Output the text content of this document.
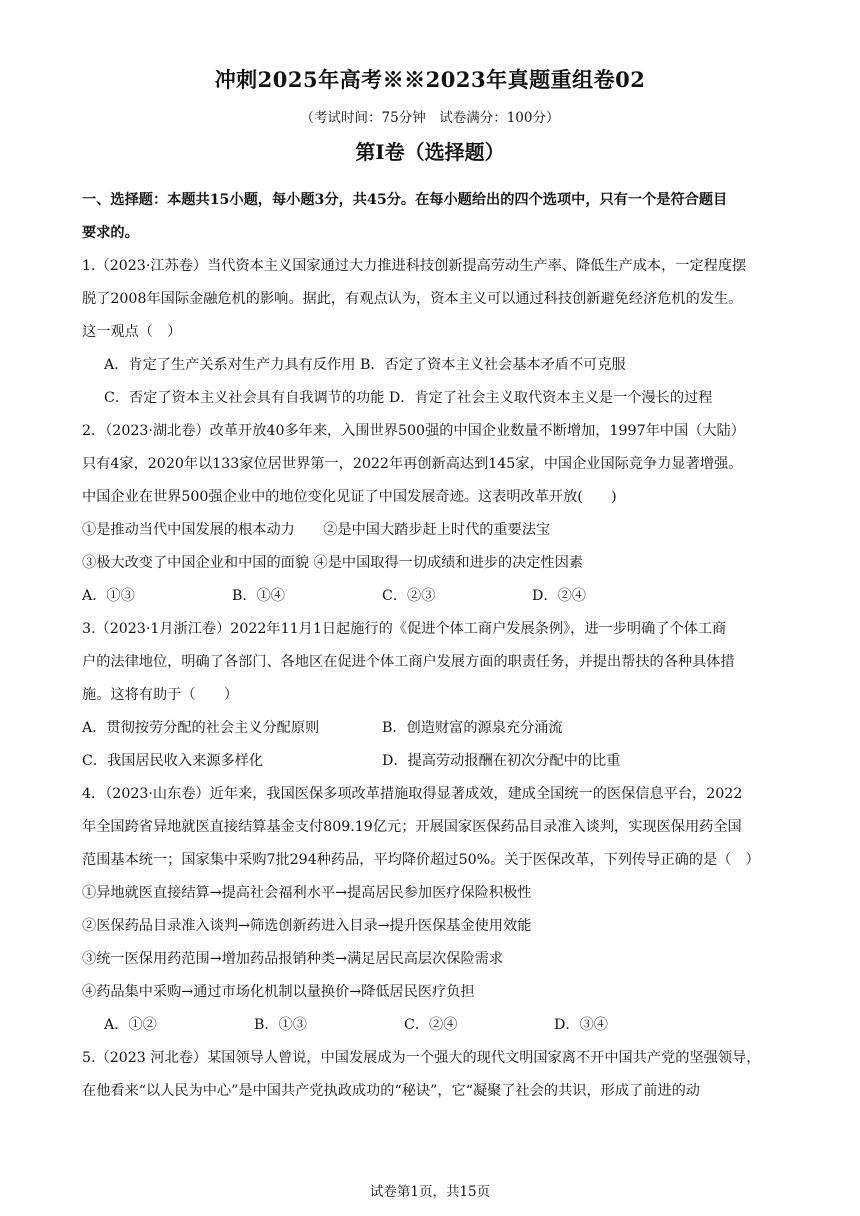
冲刺2025年高考※※2023年真题重组卷02
（考试时间：75分钟　试卷满分：100分）
第I卷（选择题）
一、选择题：本题共15小题，每小题3分，共45分。在每小题给出的四个选项中，只有一个是符合题目
要求的。
1.（2023·江苏卷）当代资本主义国家通过大力推进科技创新提高劳动生产率、降低生产成本，一定程度摆
脱了2008年国际金融危机的影响。据此，有观点认为，资本主义可以通过科技创新避免经济危机的发生。
这一观点（　）
A．肯定了生产关系对生产力具有反作用 B．否定了资本主义社会基本矛盾不可克服
C．否定了资本主义社会具有自我调节的功能 D．肯定了社会主义取代资本主义是一个漫长的过程
2．（2023·湖北卷）改革开放40多年来，入围世界500强的中国企业数量不断增加，1997年中国（大陆）
只有4家，2020年以133家位居世界第一，2022年再创新高达到145家，中国企业国际竞争力显著增强。
中国企业在世界500强企业中的地位变化见证了中国发展奇迹。这表明改革开放(　　)
①是推动当代中国发展的根本动力　　②是中国大踏步赶上时代的重要法宝
③极大改变了中国企业和中国的面貌 ④是中国取得一切成绩和进步的决定性因素
A．①③	B．①④	C．②③	D．②④
3.（2023·1月浙江卷）2022年11月1日起施行的《促进个体工商户发展条例》，进一步明确了个体工商
户的法律地位，明确了各部门、各地区在促进个体工商户发展方面的职责任务，并提出帮扶的各种具体措
施。这将有助于（　　）
A．贯彻按劳分配的社会主义分配原则	B．创造财富的源泉充分涌流
C．我国居民收入来源多样化	D．提高劳动报酬在初次分配中的比重
4．（2023·山东卷）近年来，我国医保多项改革措施取得显著成效，建成全国统一的医保信息平台，2022
年全国跨省异地就医直接结算基金支付809.19亿元；开展国家医保药品目录准入谈判，实现医保用药全国
范围基本统一；国家集中采购7批294种药品，平均降价超过50%。关于医保改革，下列传导正确的是（　）
①异地就医直接结算→提高社会福利水平→提高居民参加医疗保险积极性
②医保药品目录准入谈判→筛选创新药进入目录→提升医保基金使用效能
③统一医保用药范围→增加药品报销种类→满足居民高层次保险需求
④药品集中采购→通过市场化机制以量换价→降低居民医疗负担
A．①②	B．①③	C．②④	D．③④
5.（2023 河北卷）某国领导人曾说，中国发展成为一个强大的现代文明国家离不开中国共产党的坚强领导，
在他看来“以人民为中心”是中国共产党执政成功的“秘诀”，它“凝聚了社会的共识，形成了前进的动
试卷第1页，共15页
